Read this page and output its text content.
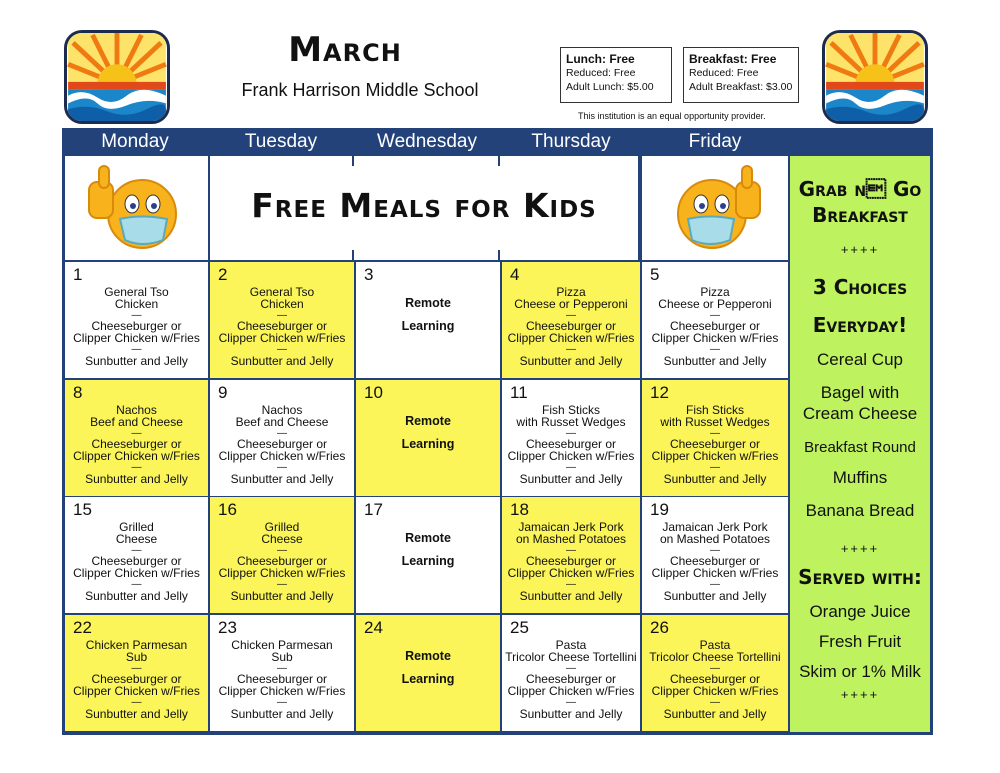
March
Frank Harrison Middle School
Lunch: Free
Reduced: Free
Adult Lunch: $5.00
Breakfast: Free
Reduced: Free
Adult Breakfast: $3.00
This institution is an equal opportunity provider.
Monday	Tuesday	Wednesday	Thursday	Friday
Free Meals for Kids
1
General Tso
Chicken
—
Cheeseburger or
Clipper Chicken w/Fries
—
Sunbutter and Jelly
2
General Tso
Chicken
—
Cheeseburger or
Clipper Chicken w/Fries
—
Sunbutter and Jelly
3
Remote
Learning
4
Pizza
Cheese or Pepperoni
—
Cheeseburger or
Clipper Chicken w/Fries
—
Sunbutter and Jelly
5
Pizza
Cheese or Pepperoni
—
Cheeseburger or
Clipper Chicken w/Fries
—
Sunbutter and Jelly
8
Nachos
Beef and Cheese
—
Cheeseburger or
Clipper Chicken w/Fries
—
Sunbutter and Jelly
9
Nachos
Beef and Cheese
—
Cheeseburger or
Clipper Chicken w/Fries
—
Sunbutter and Jelly
10
Remote
Learning
11
Fish Sticks
with Russet Wedges
—
Cheeseburger or
Clipper Chicken w/Fries
—
Sunbutter and Jelly
12
Fish Sticks
with Russet Wedges
—
Cheeseburger or
Clipper Chicken w/Fries
—
Sunbutter and Jelly
15
Grilled
Cheese
—
Cheeseburger or
Clipper Chicken w/Fries
—
Sunbutter and Jelly
16
Grilled
Cheese
—
Cheeseburger or
Clipper Chicken w/Fries
—
Sunbutter and Jelly
17
Remote
Learning
18
Jamaican Jerk Pork
on Mashed Potatoes
—
Cheeseburger or
Clipper Chicken w/Fries
—
Sunbutter and Jelly
19
Jamaican Jerk Pork
on Mashed Potatoes
—
Cheeseburger or
Clipper Chicken w/Fries
—
Sunbutter and Jelly
22
Chicken Parmesan
Sub
—
Cheeseburger or
Clipper Chicken w/Fries
—
Sunbutter and Jelly
23
Chicken Parmesan
Sub
—
Cheeseburger or
Clipper Chicken w/Fries
—
Sunbutter and Jelly
24
Remote
Learning
25
Pasta
Tricolor Cheese Tortellini
—
Cheeseburger or
Clipper Chicken w/Fries
—
Sunbutter and Jelly
26
Pasta
Tricolor Cheese Tortellini
—
Cheeseburger or
Clipper Chicken w/Fries
—
Sunbutter and Jelly
Grab n Go
Breakfast
++++
3 Choices
Everyday!
Cereal Cup
Bagel with
Cream Cheese
Breakfast Round
Muffins
Banana Bread
++++
Served with:
Orange Juice
Fresh Fruit
Skim or 1% Milk
++++
